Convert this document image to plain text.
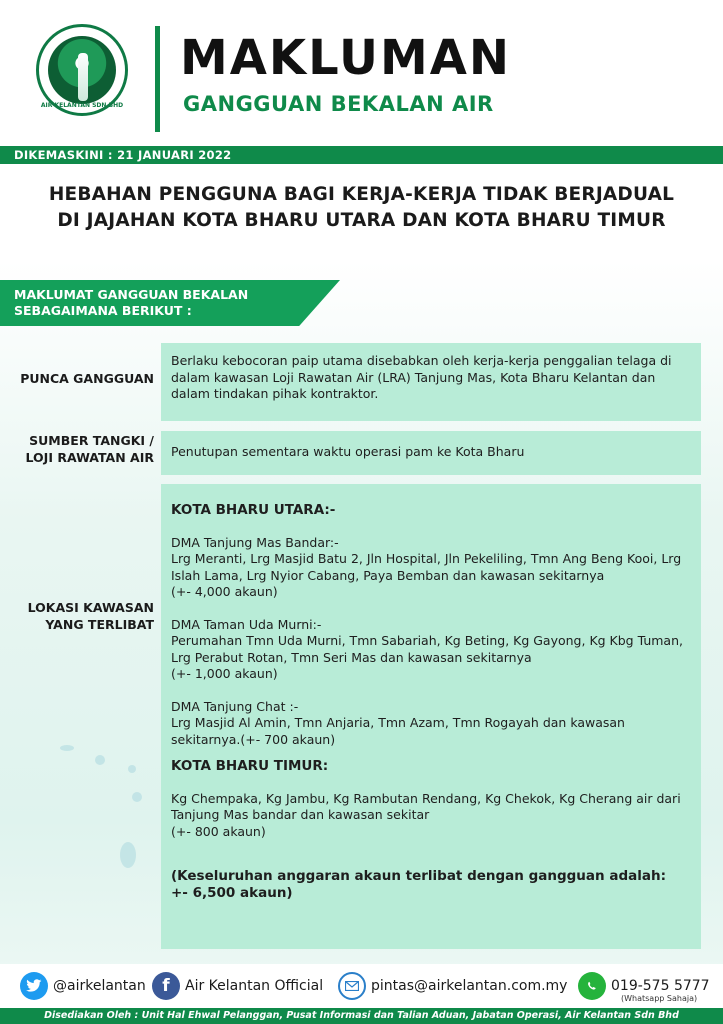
AIR KELANTAN SDN BHD
MAKLUMAN
GANGGUAN BEKALAN AIR
DIKEMASKINI : 21 JANUARI 2022
HEBAHAN PENGGUNA BAGI KERJA-KERJA TIDAK BERJADUAL
DI JAJAHAN KOTA BHARU UTARA DAN KOTA BHARU TIMUR
MAKLUMAT GANGGUAN BEKALAN
SEBAGAIMANA BERIKUT :
PUNCA GANGGUAN

Berlaku kebocoran paip utama disebabkan oleh kerja-kerja penggalian telaga di dalam kawasan Loji Rawatan Air (LRA) Tanjung Mas, Kota Bharu Kelantan dan dalam tindakan pihak kontraktor.

SUMBER TANGKI /
LOJI RAWATAN AIR Penutupan sementara waktu operasi pam ke Kota Bharu

LOKASI KAWASAN
YANG TERLIBAT

KOTA BHARU UTARA:-

DMA Tanjung Mas Bandar:-

Lrg Meranti, Lrg Masjid Batu 2, Jln Hospital, Jln Pekeliling, Tmn Ang Beng Kooi, Lrg Islah Lama, Lrg Nyior Cabang, Paya Bemban dan kawasan sekitarnya

(+- 4,000 akaun)

DMA Taman Uda Murni:-

Perumahan Tmn Uda Murni, Tmn Sabariah, Kg Beting, Kg Gayong, Kg Kbg Tuman, Lrg Perabut Rotan, Tmn Seri Mas dan kawasan sekitarnya

(+- 1,000 akaun)

DMA Tanjung Chat :-

Lrg Masjid Al Amin, Tmn Anjaria, Tmn Azam, Tmn Rogayah dan kawasan sekitarnya.(+- 700 akaun)

KOTA BHARU TIMUR:

Kg Chempaka, Kg Jambu, Kg Rambutan Rendang, Kg Chekok, Kg Cherang air dari Tanjung Mas bandar dan kawasan sekitar

(+- 800 akaun)

(Keseluruhan anggaran akaun terlibat dengan gangguan adalah:

+- 6,500 akaun)

@airkelantan f	Air Kelantan Official	pintas@airkelantan.com.my	019-575 5777
(Whatsapp Sahaja)
Disediakan Oleh : Unit Hal Ehwal Pelanggan, Pusat Informasi dan Talian Aduan, Jabatan Operasi, Air Kelantan Sdn Bhd
